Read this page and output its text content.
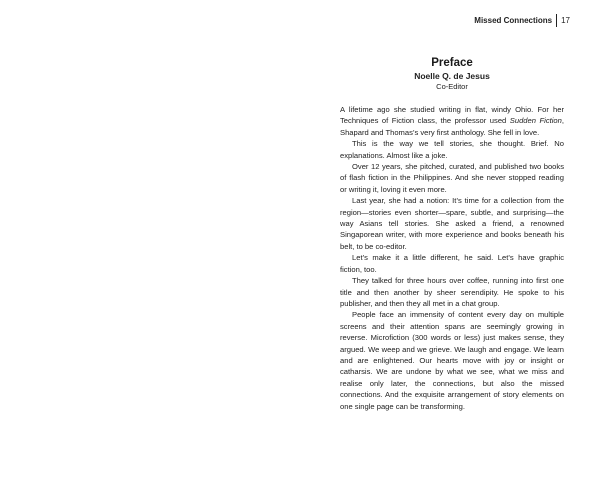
Missed Connections	17
Preface
Noelle Q. de Jesus
Co-Editor

A lifetime ago she studied writing in flat, windy Ohio. For her Techniques of Fiction class, the professor used Sudden Fiction, Shapard and Thomas’s very first anthology. She fell in love.

This is the way we tell stories, she thought. Brief. No explanations. Almost like a joke.

Over 12 years, she pitched, curated, and published two books of flash fiction in the Philippines. And she never stopped reading or writing it, loving it even more.

Last year, she had a notion: It’s time for a collection from the region—stories even shorter—spare, subtle, and surprising—the way Asians tell stories. She asked a friend, a renowned Singaporean writer, with more experience and books beneath his belt, to be co-editor.

Let’s make it a little different, he said. Let’s have graphic fiction, too.

They talked for three hours over coffee, running into first one title and then another by sheer serendipity. He spoke to his publisher, and then they all met in a chat group.

People face an immensity of content every day on multiple screens and their attention spans are seemingly growing in reverse. Microfiction (300 words or less) just makes sense, they argued. We weep and we grieve. We laugh and engage. We learn and are enlightened. Our hearts move with joy or insight or catharsis. We are undone by what we see, what we miss and realise only later, the connections, but also the missed connections. And the exquisite arrangement of story elements on one single page can be transforming.
